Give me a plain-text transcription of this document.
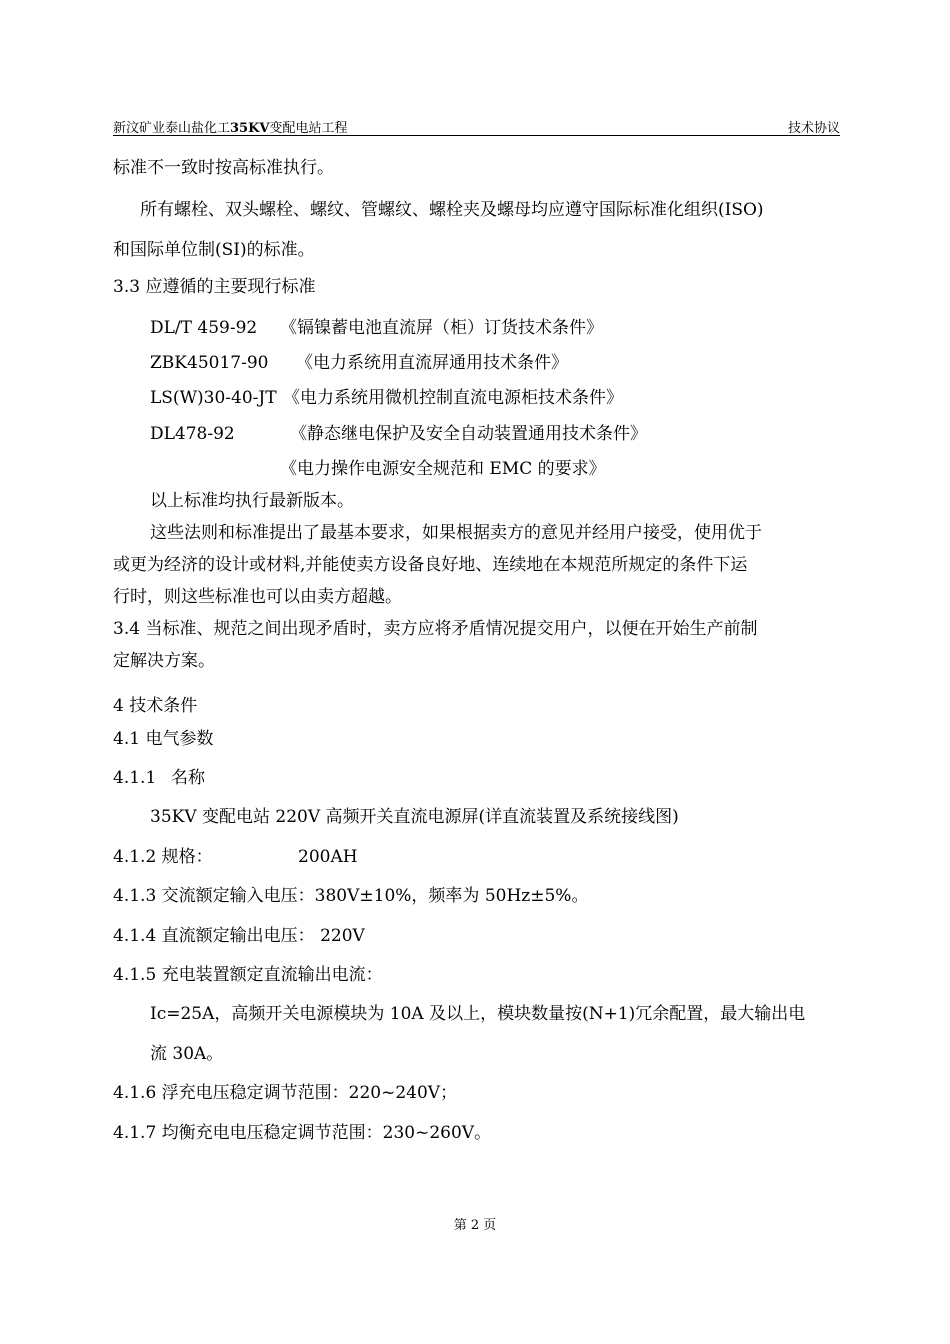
新汶矿业泰山盐化工35KV变配电站工程	技术协议
标准不一致时按高标准执行。
所有螺栓、双头螺栓、螺纹、管螺纹、螺栓夹及螺母均应遵守国际标准化组织(ISO)
和国际单位制(SI)的标准。
3.3 应遵循的主要现行标准
DL/T 459-92 《镉镍蓄电池直流屏（柜）订货技术条件》
ZBK45017-90 《电力系统用直流屏通用技术条件》
LS(W)30-40-JT 《电力系统用微机控制直流电源柜技术条件》
DL478-92	《静态继电保护及安全自动装置通用技术条件》
《电力操作电源安全规范和 EMC 的要求》
以上标准均执行最新版本。
这些法则和标准提出了最基本要求，如果根据卖方的意见并经用户接受，使用优于
或更为经济的设计或材料,并能使卖方设备良好地、连续地在本规范所规定的条件下运
行时，则这些标准也可以由卖方超越。
3.4 当标准、规范之间出现矛盾时，卖方应将矛盾情况提交用户，以便在开始生产前制
定解决方案。
4 技术条件
4.1 电气参数
4.1.1 名称
35KV 变配电站 220V 高频开关直流电源屏(详直流装置及系统接线图)
4.1.2 规格：	200AH
4.1.3 交流额定输入电压：380V±10%，频率为 50Hz±5%。
4.1.4 直流额定输出电压： 220V
4.1.5 充电装置额定直流输出电流：
Ic=25A，高频开关电源模块为 10A 及以上，模块数量按(N+1)冗余配置，最大输出电
流 30A。
4.1.6 浮充电压稳定调节范围：220~240V；
4.1.7 均衡充电电压稳定调节范围：230~260V。
第 2 页
